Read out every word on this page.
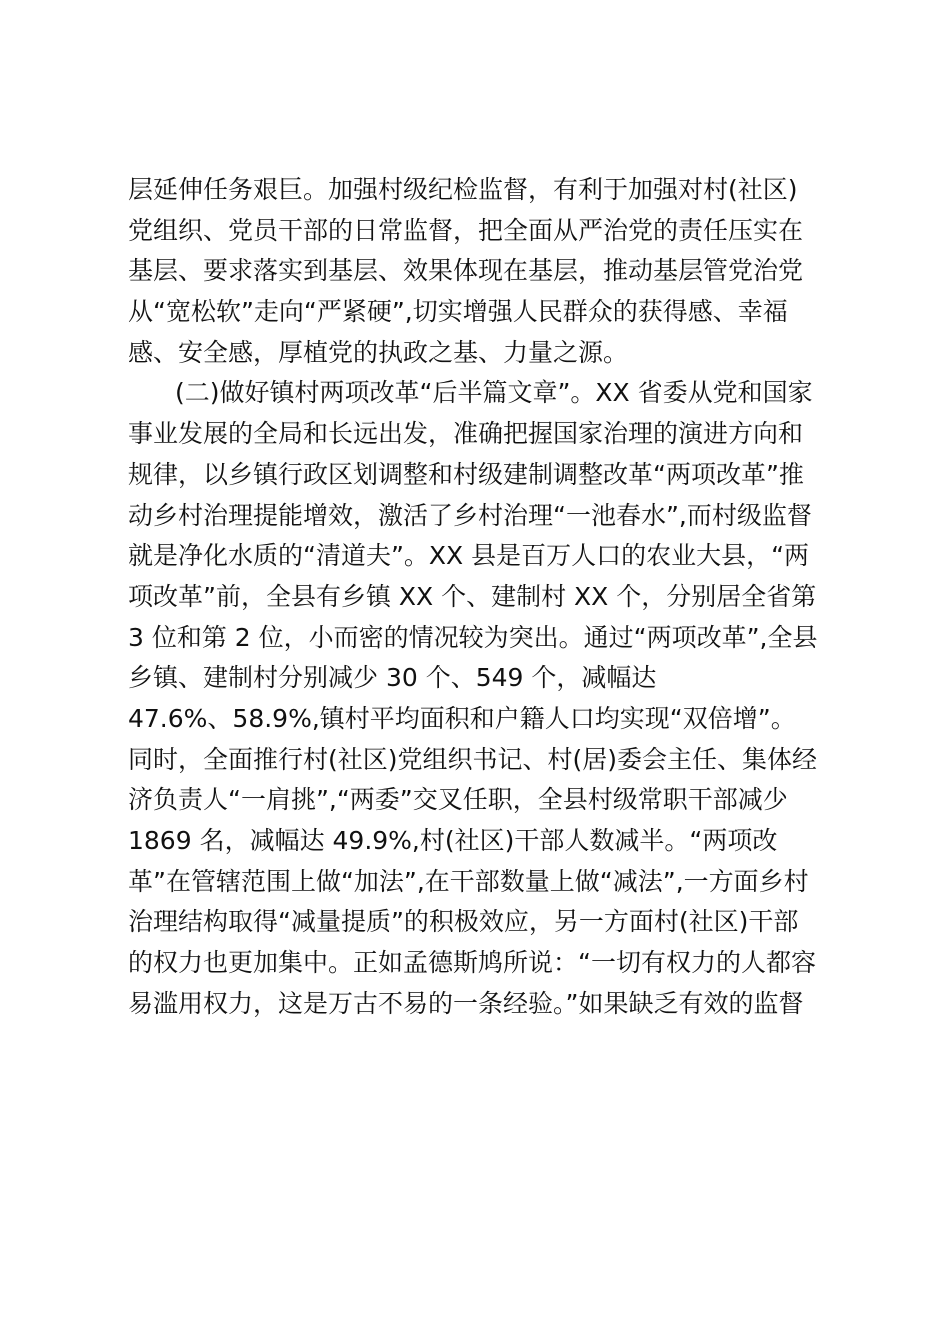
层延伸任务艰巨。加强村级纪检监督，有利于加强对村(社区)
党组织、党员干部的日常监督，把全面从严治党的责任压实在
基层、要求落实到基层、效果体现在基层，推动基层管党治党
从“宽松软”走向“严紧硬”,切实增强人民群众的获得感、幸福
感、安全感，厚植党的执政之基、力量之源。
(二)做好镇村两项改革“后半篇文章”。XX 省委从党和国家
事业发展的全局和长远出发，准确把握国家治理的演进方向和
规律，以乡镇行政区划调整和村级建制调整改革“两项改革”推
动乡村治理提能增效，激活了乡村治理“一池春水”,而村级监督
就是净化水质的“清道夫”。XX 县是百万人口的农业大县，“两
项改革”前，全县有乡镇 XX 个、建制村 XX 个，分别居全省第
3 位和第 2 位，小而密的情况较为突出。通过“两项改革”,全县
乡镇、建制村分别减少 30 个、549 个，减幅达
47.6%、58.9%,镇村平均面积和户籍人口均实现“双倍增”。
同时，全面推行村(社区)党组织书记、村(居)委会主任、集体经
济负责人“一肩挑”,“两委”交叉任职，全县村级常职干部减少
1869 名，减幅达 49.9%,村(社区)干部人数减半。“两项改
革”在管辖范围上做“加法”,在干部数量上做“减法”,一方面乡村
治理结构取得“减量提质”的积极效应，另一方面村(社区)干部
的权力也更加集中。正如孟德斯鸠所说：“一切有权力的人都容
易滥用权力，这是万古不易的一条经验。”如果缺乏有效的监督
